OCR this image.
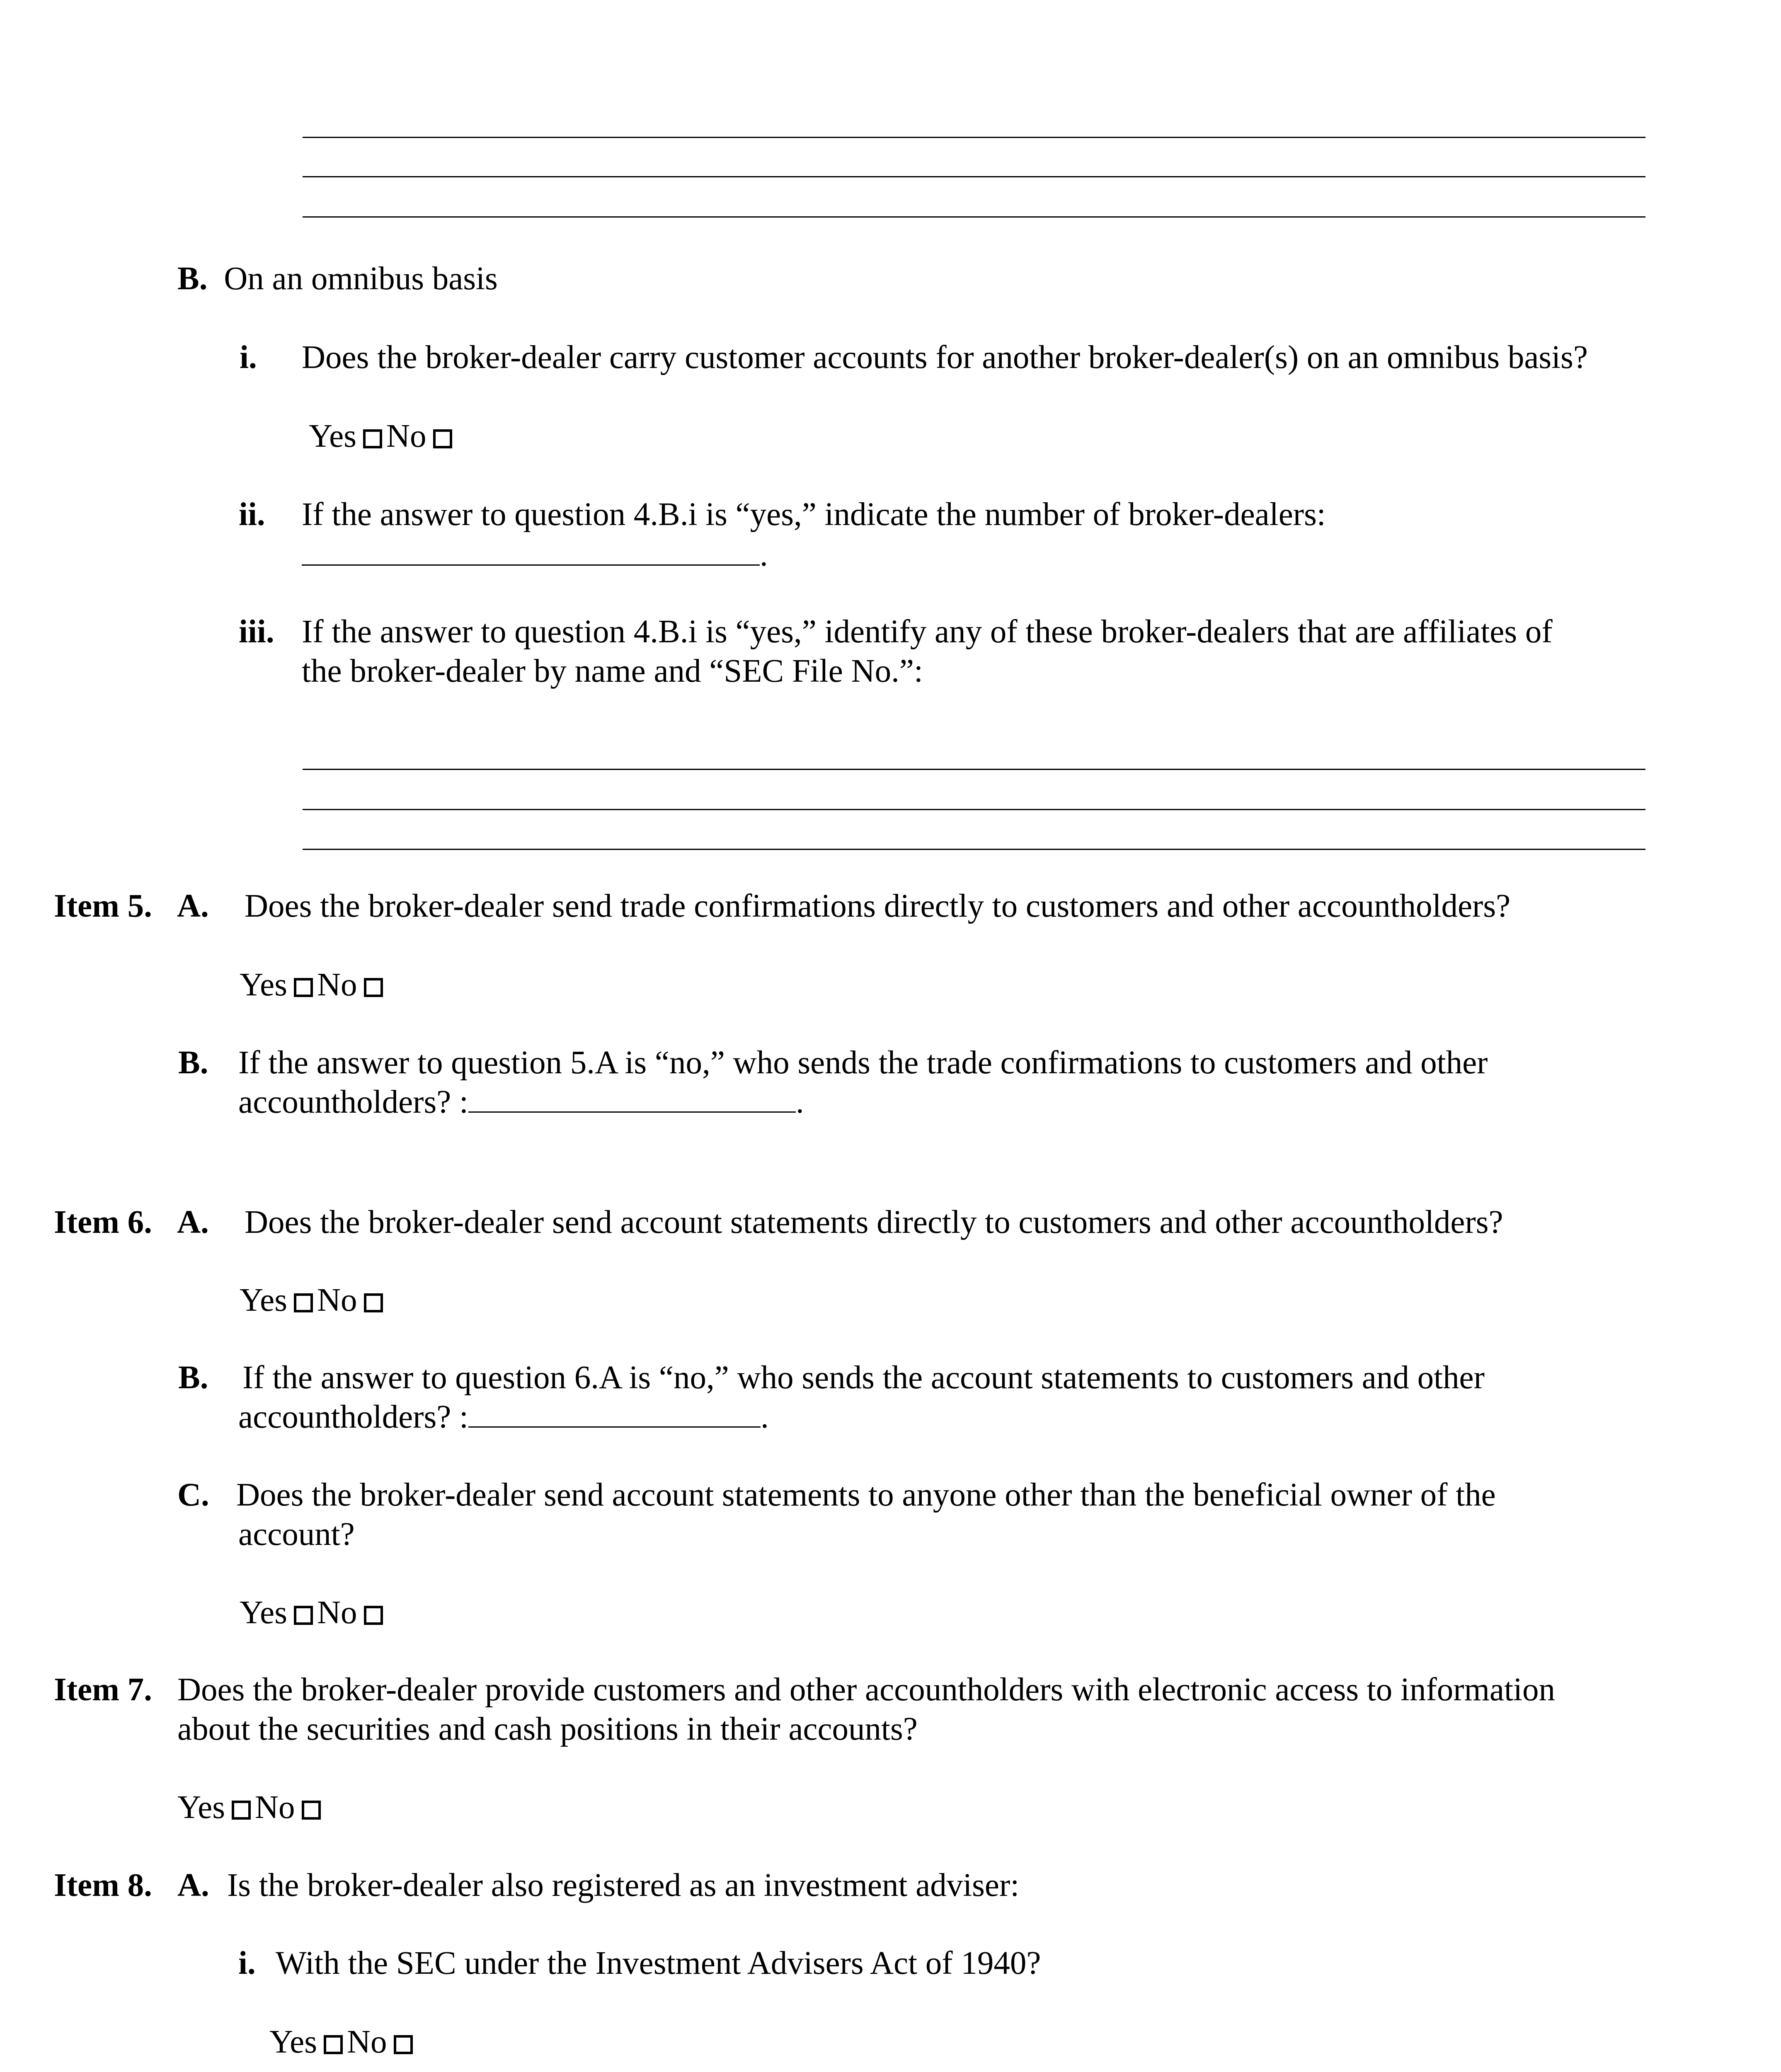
B. On an omnibus basis
i. Does the broker-dealer carry customer accounts for another broker-dealer(s) on an omnibus basis?
Yes No
ii. If the answer to question 4.B.i is “yes,” indicate the number of broker-dealers:
.
iii. If the answer to question 4.B.i is “yes,” identify any of these broker-dealers that are affiliates of
the broker-dealer by name and “SEC File No.”:
Item 5. A. Does the broker-dealer send trade confirmations directly to customers and other accountholders?
Yes No
B. If the answer to question 5.A is “no,” who sends the trade confirmations to customers and other
accountholders? :	.
Item 6. A. Does the broker-dealer send account statements directly to customers and other accountholders?
Yes No
B. If the answer to question 6.A is “no,” who sends the account statements to customers and other
accountholders? :	.
C. Does the broker-dealer send account statements to anyone other than the beneficial owner of the
account?
Yes No
Item 7. Does the broker-dealer provide customers and other accountholders with electronic access to information
about the securities and cash positions in their accounts?
Yes No
Item 8. A. Is the broker-dealer also registered as an investment adviser:
i. With the SEC under the Investment Advisers Act of 1940?
Yes No
